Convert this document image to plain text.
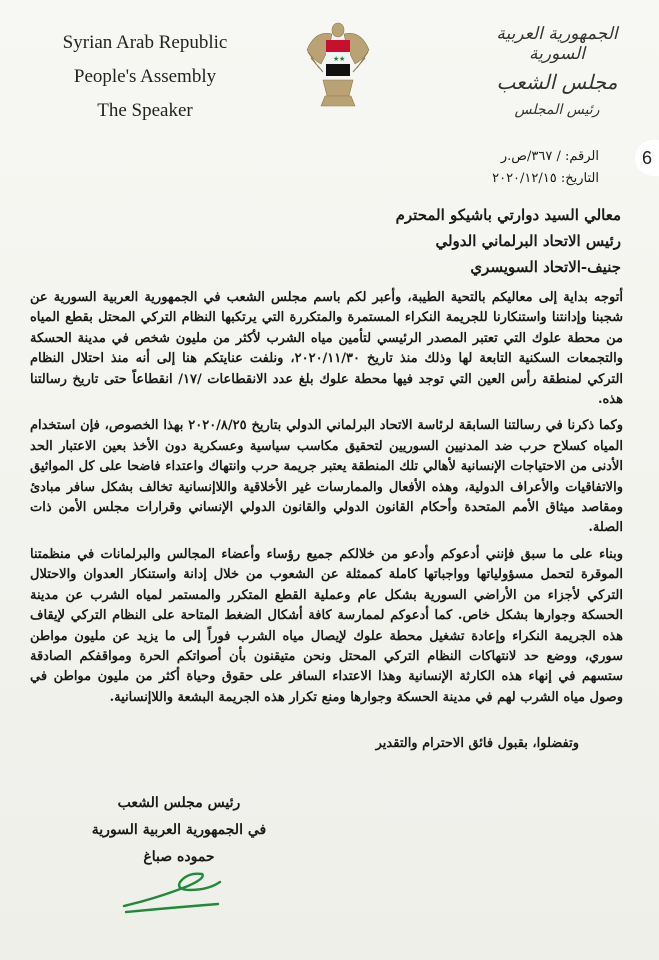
Syrian Arab Republic
People's Assembly
The Speaker
★ ★
الجمهورية العربية السورية
مجلس الشعب
رئيس المجلس
6
الرقم: / ٣٦٧/ص.ر
التاريخ: ٢٠٢٠/١٢/١٥
معالي السيد دوارتي باشيكو المحترم
رئيس الاتحاد البرلماني الدولي
جنيف-الاتحاد السويسري

أتوجه بداية إلى معاليكم بالتحية الطيبة، وأعبر لكم باسم مجلس الشعب في الجمهورية العربية السورية عن شجبنا وإدانتنا واستنكارنا للجريمة النكراء المستمرة والمتكررة التي يرتكبها النظام التركي المحتل بقطع المياه من محطة علوك التي تعتبر المصدر الرئيسي لتأمين مياه الشرب لأكثر من مليون شخص في مدينة الحسكة والتجمعات السكنية التابعة لها وذلك منذ تاريخ ٢٠٢٠/١١/٣٠، ونلفت عنايتكم هنا إلى أنه منذ احتلال النظام التركي لمنطقة رأس العين التي توجد فيها محطة علوك بلغ عدد الانقطاعات /١٧/ انقطاعاً حتى تاريخ رسالتنا هذه.

وكما ذكرنا في رسالتنا السابقة لرئاسة الاتحاد البرلماني الدولي بتاريخ ٢٠٢٠/٨/٢٥ بهذا الخصوص، فإن استخدام المياه كسلاح حرب ضد المدنيين السوريين لتحقيق مكاسب سياسية وعسكرية دون الأخذ بعين الاعتبار الحد الأدنى من الاحتياجات الإنسانية لأهالي تلك المنطقة يعتبر جريمة حرب وانتهاك واعتداء فاضحا على كل المواثيق والاتفاقيات والأعراف الدولية، وهذه الأفعال والممارسات غير الأخلاقية واللاإنسانية تخالف بشكل سافر مبادئ ومقاصد ميثاق الأمم المتحدة وأحكام القانون الدولي والقانون الدولي الإنساني وقرارات مجلس الأمن ذات الصلة.

وبناء على ما سبق فإنني أدعوكم وأدعو من خلالكم جميع رؤساء وأعضاء المجالس والبرلمانات في منظمتنا الموقرة لتحمل مسؤولياتها وواجباتها كاملة كممثلة عن الشعوب من خلال إدانة واستنكار العدوان والاحتلال التركي لأجزاء من الأراضي السورية بشكل عام وعملية القطع المتكرر والمستمر لمياه الشرب عن مدينة الحسكة وجوارها بشكل خاص. كما أدعوكم لممارسة كافة أشكال الضغط المتاحة على النظام التركي لإيقاف هذه الجريمة النكراء وإعادة تشغيل محطة علوك لإيصال مياه الشرب فوراً إلى ما يزيد عن مليون مواطن سوري، ووضع حد لانتهاكات النظام التركي المحتل ونحن متيقنون بأن أصواتكم الحرة ومواقفكم الصادقة ستسهم في إنهاء هذه الكارثة الإنسانية وهذا الاعتداء السافر على حقوق وحياة أكثر من مليون مواطن في وصول مياه الشرب لهم في مدينة الحسكة وجوارها ومنع تكرار هذه الجريمة البشعة واللاإنسانية.

وتفضلوا، بقبول فائق الاحترام والتقدير
رئيس مجلس الشعب
في الجمهورية العربية السورية
حموده صباغ
